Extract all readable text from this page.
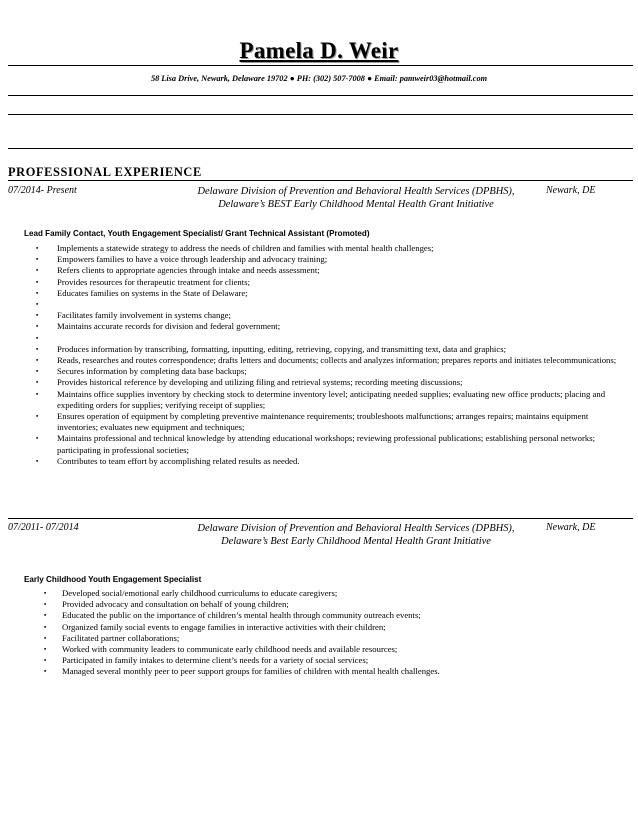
Pamela D. Weir
58 Lisa Drive, Newark, Delaware 19702 ● PH: (302) 507-7008 ● Email: pamweir03@hotmail.com
PROFESSIONAL EXPERIENCE
07/2014- Present	Delaware Division of Prevention and Behavioral Health Services (DPBHS),
Delaware’s BEST Early Childhood Mental Health Grant Initiative
Newark, DE
Lead Family Contact, Youth Engagement Specialist/ Grant Technical Assistant (Promoted)
▪ Implements a statewide strategy to address the needs of children and families with mental health challenges;
▪ Empowers families to have a voice through leadership and advocacy training;
▪ Refers clients to appropriate agencies through intake and needs assessment;
▪ Provides resources for therapeutic treatment for clients;
▪ Educates families on systems in the State of Delaware;
▪

▪ Facilitates family involvement in systems change;
▪ Maintains accurate records for division and federal government;
▪

▪ Produces information by transcribing, formatting, inputting, editing, retrieving, copying, and transmitting text, data and graphics;
▪ Reads, researches and routes correspondence; drafts letters and documents; collects and analyzes information; prepares reports and initiates telecommunications;
▪ Secures information by completing data base backups;
▪ Provides historical reference by developing and utilizing filing and retrieval systems; recording meeting discussions;
▪ Maintains office supplies inventory by checking stock to determine inventory level; anticipating needed supplies; evaluating new office products; placing and expediting orders for supplies; verifying receipt of supplies;
▪ Ensures operation of equipment by completing preventive maintenance requirements; troubleshoots malfunctions; arranges repairs; maintains equipment inventories; evaluates new equipment and techniques;
▪ Maintains professional and technical knowledge by attending educational workshops; reviewing professional publications; establishing personal networks; participating in professional societies;
▪ Contributes to team effort by accomplishing related results as needed.
07/2011- 07/2014	Delaware Division of Prevention and Behavioral Health Services (DPBHS),
Delaware’s Best Early Childhood Mental Health Grant Initiative
Newark, DE
Early Childhood Youth Engagement Specialist
▪ Developed social/emotional early childhood curriculums to educate caregivers;
▪ Provided advocacy and consultation on behalf of young children;
▪ Educated the public on the importance of children’s mental health through community outreach events;
▪ Organized family social events to engage families in interactive activities with their children;
▪ Facilitated partner collaborations;
▪ Worked with community leaders to communicate early childhood needs and available resources;
▪ Participated in family intakes to determine client’s needs for a variety of social services;
▪ Managed several monthly peer to peer support groups for families of children with mental health challenges.
